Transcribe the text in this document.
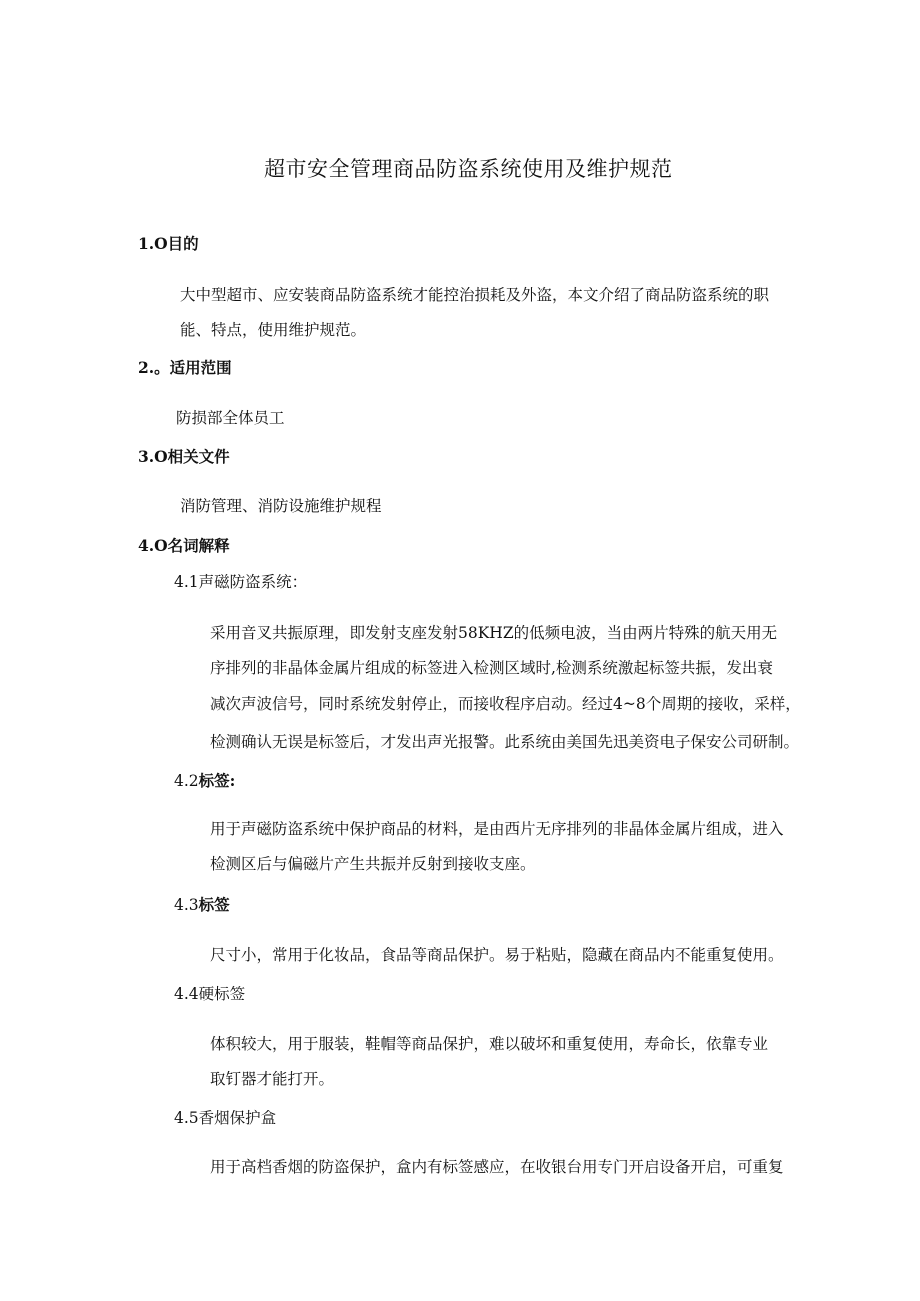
超市安全管理商品防盗系统使用及维护规范
1.O目的
大中型超市、应安装商品防盗系统才能控治损耗及外盗，本文介绍了商品防盗系统的职
能、特点，使用维护规范。
2.。适用范围
防损部全体员工
3.O相关文件
消防管理、消防设施维护规程
4.O名词解释
4.1声磁防盗系统：
采用音叉共振原理，即发射支座发射58KHZ的低频电波，当由两片特殊的航天用无
序排列的非晶体金属片组成的标签进入检测区域时,检测系统激起标签共振，发出衰
减次声波信号，同时系统发射停止，而接收程序启动。经过4~8个周期的接收，采样，
检测确认无误是标签后，才发出声光报警。此系统由美国先迅美资电子保安公司研制。
4.2标签:
用于声磁防盗系统中保护商品的材料，是由西片无序排列的非晶体金属片组成，进入
检测区后与偏磁片产生共振并反射到接收支座。
4.3标签
尺寸小，常用于化妆品，食品等商品保护。易于粘贴，隐藏在商品内不能重复使用。
4.4硬标签
体积较大，用于服装，鞋帽等商品保护，难以破坏和重复使用，寿命长，依靠专业
取钉器才能打开。
4.5香烟保护盒
用于高档香烟的防盗保护，盒内有标签感应，在收银台用专门开启设备开启，可重复
